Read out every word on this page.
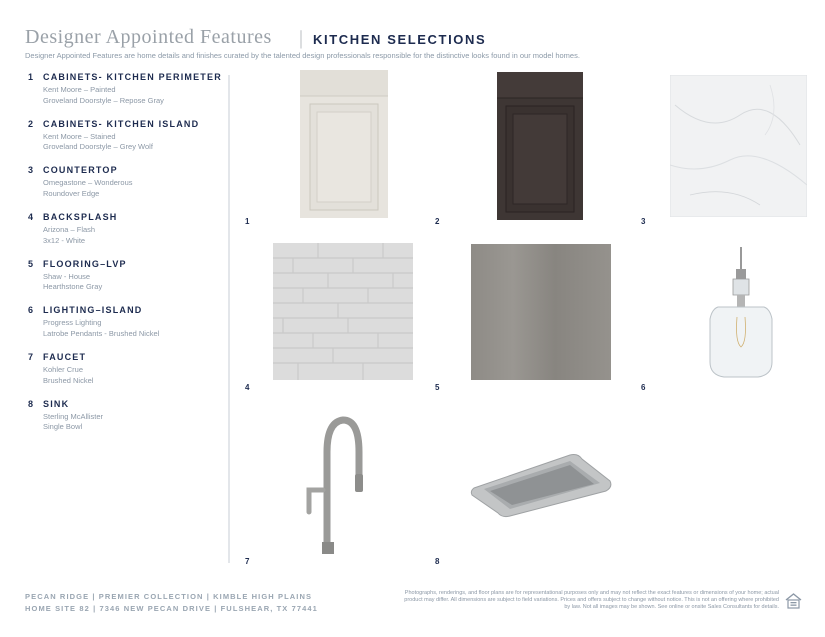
Designer Appointed Features | KITCHEN SELECTIONS
Designer Appointed Features are home details and finishes curated by the talented design professionals responsible for the distinctive looks found in our model homes.
1 CABINETS- KITCHEN PERIMETER
Kent Moore – Painted
Groveland Doorstyle – Repose Gray
2 CABINETS- KITCHEN ISLAND
Kent Moore – Stained
Groveland Doorstyle – Grey Wolf
3 COUNTERTOP
Omegastone – Wonderous
Roundover Edge
4 BACKSPLASH
Arizona – Flash
3x12 - White
5 FLOORING–LVP
Shaw - House
Hearthstone Gray
6 LIGHTING–ISLAND
Progress Lighting
Latrobe Pendants - Brushed Nickel
7 FAUCET
Kohler Crue
Brushed Nickel
8 SINK
Sterling McAllister
Single Bowl
1	2	3
4	5	6
7	8
PECAN RIDGE | PREMIER COLLECTION | KIMBLE HIGH PLAINS
HOME SITE 82 | 7346 NEW PECAN DRIVE | FULSHEAR, TX 77441
Photographs, renderings, and floor plans are for representational purposes only and may not reflect the exact features or dimensions of your home; actual product may differ. All dimensions are subject to field variations. Prices and offers subject to change without notice. This is not an offering where prohibited by law. Not all images may be shown. See online or onsite Sales Consultants for details.
